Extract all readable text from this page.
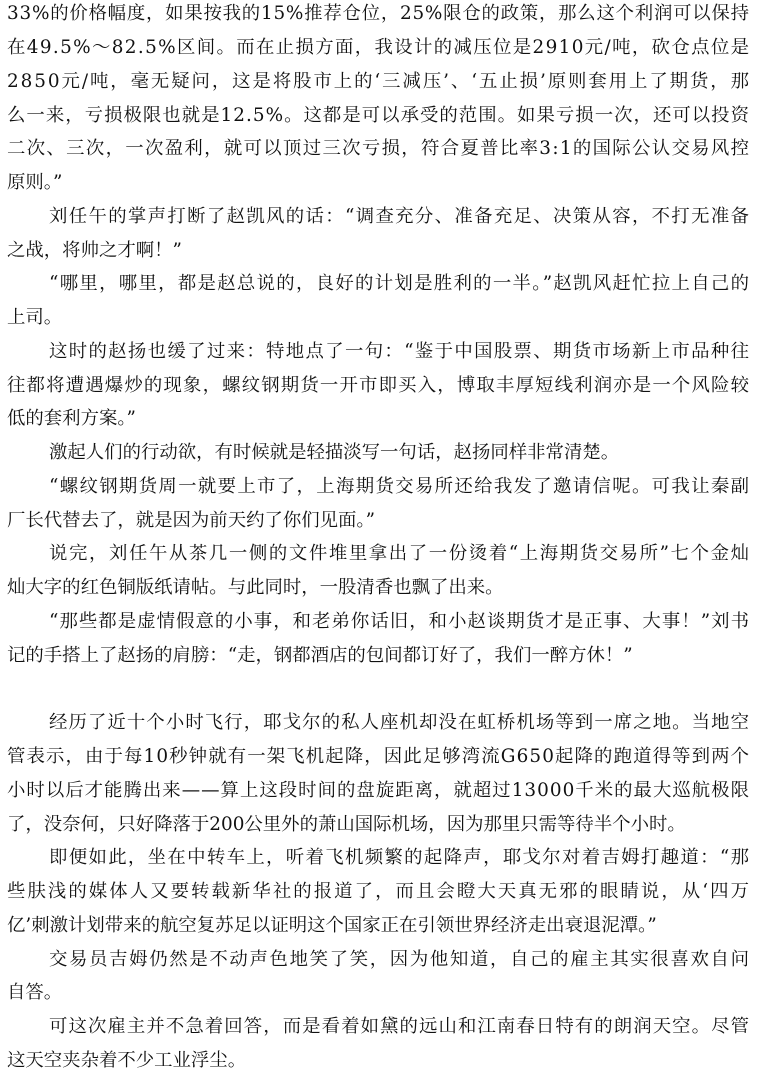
33%的价格幅度，如果按我的15%推荐仓位，25%限仓的政策，那么这个利润可以保持
在49.5%～82.5%区间。而在止损方面，我设计的减压位是2910元/吨，砍仓点位是
2850元/吨，毫无疑问，这是将股市上的‘三减压’、‘五止损’原则套用上了期货，那
么一来，亏损极限也就是12.5%。这都是可以承受的范围。如果亏损一次，还可以投资
二次、三次，一次盈利，就可以顶过三次亏损，符合夏普比率3:1的国际公认交易风控
原则。”
刘任午的掌声打断了赵凯风的话：“调查充分、准备充足、决策从容，不打无准备
之战，将帅之才啊！”
“哪里，哪里，都是赵总说的，良好的计划是胜利的一半。”赵凯风赶忙拉上自己的
上司。
这时的赵扬也缓了过来：特地点了一句：“鉴于中国股票、期货市场新上市品种往
往都将遭遇爆炒的现象，螺纹钢期货一开市即买入，博取丰厚短线利润亦是一个风险较
低的套利方案。”
激起人们的行动欲，有时候就是轻描淡写一句话，赵扬同样非常清楚。
“螺纹钢期货周一就要上市了，上海期货交易所还给我发了邀请信呢。可我让秦副
厂长代替去了，就是因为前天约了你们见面。”
说完，刘任午从茶几一侧的文件堆里拿出了一份烫着“上海期货交易所”七个金灿
灿大字的红色铜版纸请帖。与此同时，一股清香也飘了出来。
“那些都是虚情假意的小事，和老弟你话旧，和小赵谈期货才是正事、大事！”刘书
记的手搭上了赵扬的肩膀：“走，钢都酒店的包间都订好了，我们一醉方休！”
经历了近十个小时飞行，耶戈尔的私人座机却没在虹桥机场等到一席之地。当地空
管表示，由于每10秒钟就有一架飞机起降，因此足够湾流G650起降的跑道得等到两个
小时以后才能腾出来——算上这段时间的盘旋距离，就超过13000千米的最大巡航极限
了，没奈何，只好降落于200公里外的萧山国际机场，因为那里只需等待半个小时。
即便如此，坐在中转车上，听着飞机频繁的起降声，耶戈尔对着吉姆打趣道：“那
些肤浅的媒体人又要转载新华社的报道了，而且会瞪大天真无邪的眼睛说，从‘四万
亿’刺激计划带来的航空复苏足以证明这个国家正在引领世界经济走出衰退泥潭。”
交易员吉姆仍然是不动声色地笑了笑，因为他知道，自己的雇主其实很喜欢自问
自答。
可这次雇主并不急着回答，而是看着如黛的远山和江南春日特有的朗润天空。尽管
这天空夹杂着不少工业浮尘。
